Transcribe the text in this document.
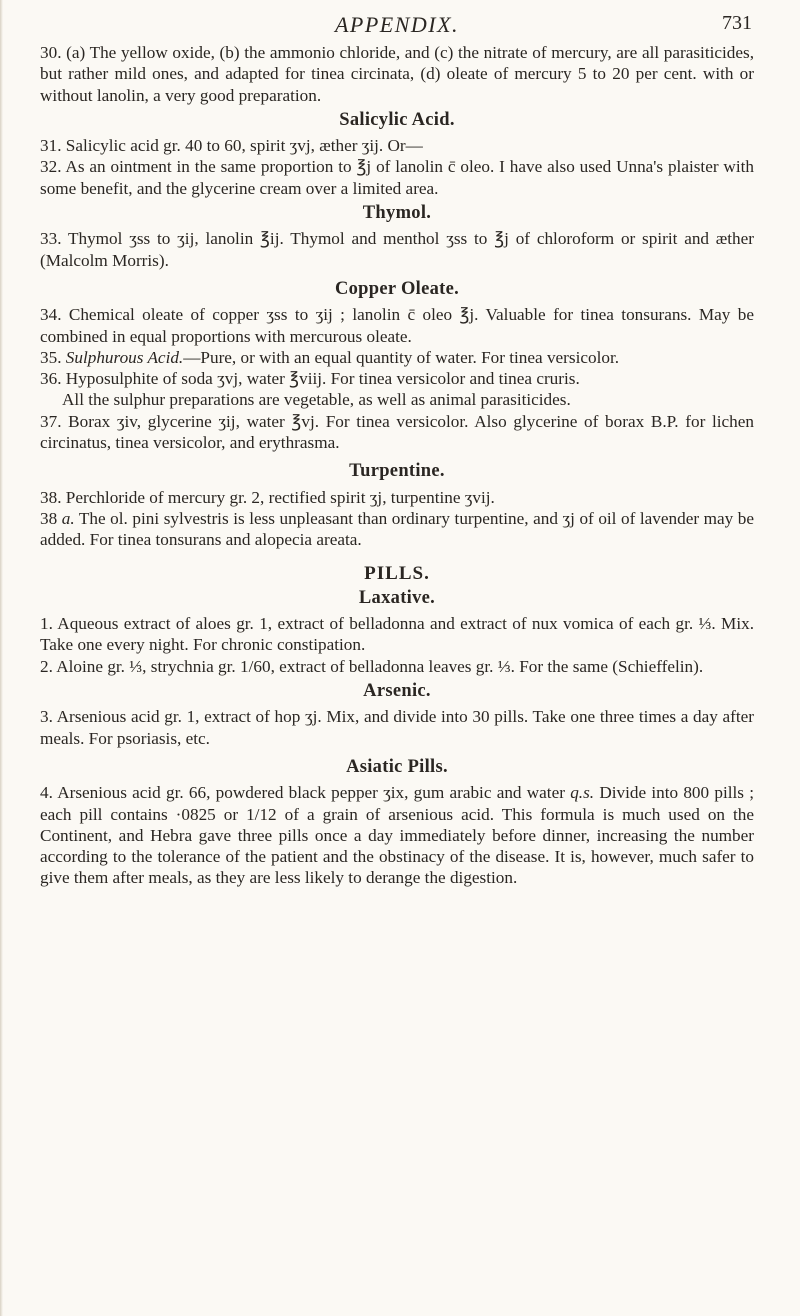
APPENDIX.	731

30. (a) The yellow oxide, (b) the ammonio chloride, and (c) the nitrate of mercury, are all parasiticides, but rather mild ones, and adapted for tinea circinata, (d) oleate of mercury 5 to 20 per cent. with or without lanolin, a very good preparation.

Salicylic Acid.

31. Salicylic acid gr. 40 to 60, spirit ʒvj, æther ʒij. Or—

32. As an ointment in the same proportion to ℥j of lanolin c̄ oleo. I have also used Unna's plaister with some benefit, and the glycerine cream over a limited area.

Thymol.

33. Thymol ʒss to ʒij, lanolin ℥ij. Thymol and menthol ʒss to ℥j of chloroform or spirit and æther (Malcolm Morris).

Copper Oleate.

34. Chemical oleate of copper ʒss to ʒij ; lanolin c̄ oleo ℥j. Valuable for tinea tonsurans. May be combined in equal proportions with mercurous oleate.

35. Sulphurous Acid.—Pure, or with an equal quantity of water. For tinea versicolor.

36. Hyposulphite of soda ʒvj, water ℥viij. For tinea versicolor and tinea cruris.

All the sulphur preparations are vegetable, as well as animal parasiticides.

37. Borax ʒiv, glycerine ʒij, water ℥vj. For tinea versicolor. Also glycerine of borax B.P. for lichen circinatus, tinea versicolor, and erythrasma.

Turpentine.

38. Perchloride of mercury gr. 2, rectified spirit ʒj, turpentine ʒvij.

38 a. The ol. pini sylvestris is less unpleasant than ordinary turpentine, and ʒj of oil of lavender may be added. For tinea tonsurans and alopecia areata.

PILLS.
Laxative.

1. Aqueous extract of aloes gr. 1, extract of belladonna and extract of nux vomica of each gr. ⅓. Mix. Take one every night. For chronic constipation.

2. Aloine gr. ⅓, strychnia gr. 1/60, extract of belladonna leaves gr. ⅓. For the same (Schieffelin).

Arsenic.

3. Arsenious acid gr. 1, extract of hop ʒj. Mix, and divide into 30 pills. Take one three times a day after meals. For psoriasis, etc.

Asiatic Pills.

4. Arsenious acid gr. 66, powdered black pepper ʒix, gum arabic and water q.s. Divide into 800 pills ; each pill contains ·0825 or 1/12 of a grain of arsenious acid. This formula is much used on the Continent, and Hebra gave three pills once a day immediately before dinner, increasing the number according to the tolerance of the patient and the obstinacy of the disease. It is, however, much safer to give them after meals, as they are less likely to derange the digestion.
